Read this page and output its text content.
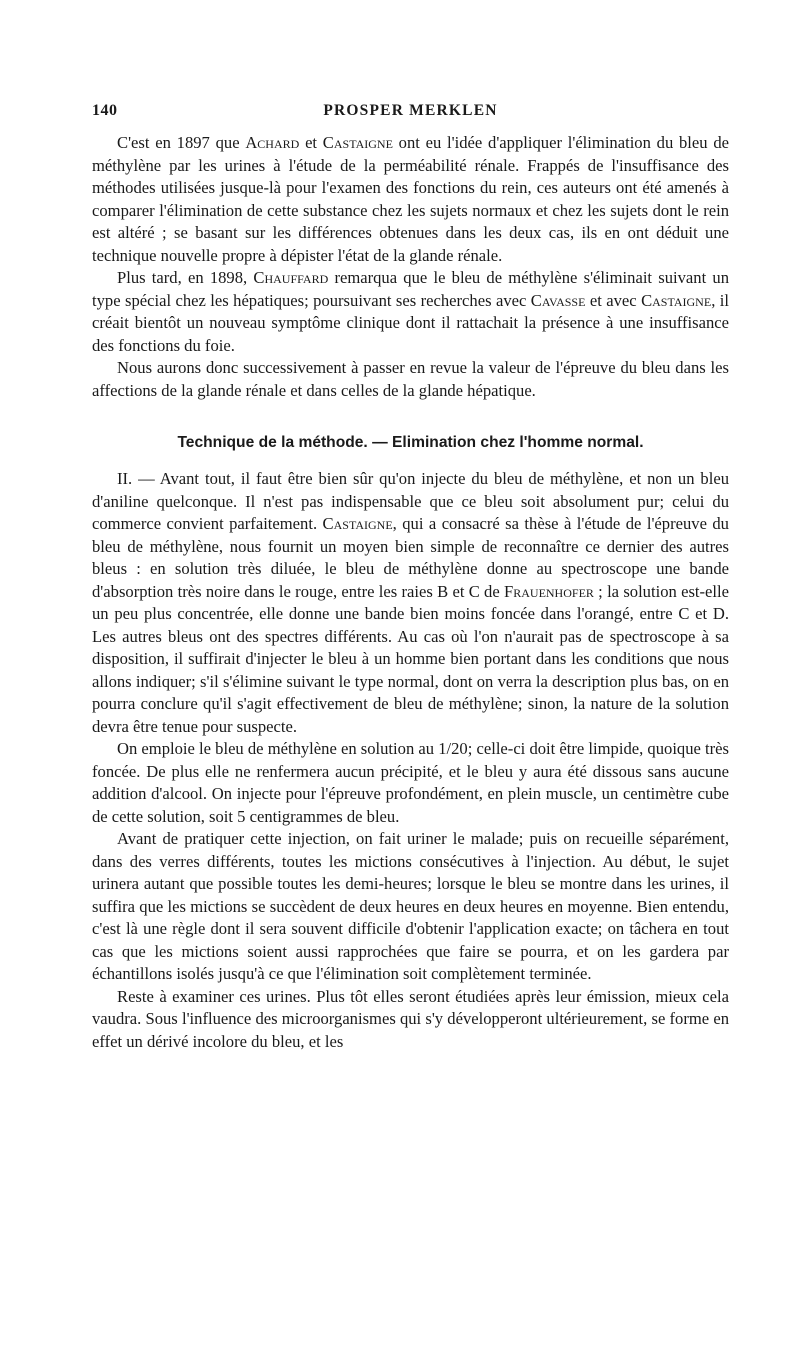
140	PROSPER MERKLEN

C'est en 1897 que Achard et Castaigne ont eu l'idée d'appliquer l'élimination du bleu de méthylène par les urines à l'étude de la perméabilité rénale. Frappés de l'insuffisance des méthodes utilisées jusque-là pour l'examen des fonctions du rein, ces auteurs ont été amenés à comparer l'élimination de cette substance chez les sujets normaux et chez les sujets dont le rein est altéré ; se basant sur les différences obtenues dans les deux cas, ils en ont déduit une technique nouvelle propre à dépister l'état de la glande rénale.

Plus tard, en 1898, Chauffard remarqua que le bleu de méthylène s'éliminait suivant un type spécial chez les hépatiques; poursuivant ses recherches avec Cavasse et avec Castaigne, il créait bientôt un nouveau symptôme clinique dont il rattachait la présence à une insuffisance des fonctions du foie.

Nous aurons donc successivement à passer en revue la valeur de l'épreuve du bleu dans les affections de la glande rénale et dans celles de la glande hépatique.

Technique de la méthode. — Elimination chez l'homme normal.

II. — Avant tout, il faut être bien sûr qu'on injecte du bleu de méthylène, et non un bleu d'aniline quelconque. Il n'est pas indispensable que ce bleu soit absolument pur; celui du commerce convient parfaitement. Castaigne, qui a consacré sa thèse à l'étude de l'épreuve du bleu de méthylène, nous fournit un moyen bien simple de reconnaître ce dernier des autres bleus : en solution très diluée, le bleu de méthylène donne au spectroscope une bande d'absorption très noire dans le rouge, entre les raies B et C de Frauenhofer ; la solution est-elle un peu plus concentrée, elle donne une bande bien moins foncée dans l'orangé, entre C et D. Les autres bleus ont des spectres différents. Au cas où l'on n'aurait pas de spectroscope à sa disposition, il suffirait d'injecter le bleu à un homme bien portant dans les conditions que nous allons indiquer; s'il s'élimine suivant le type normal, dont on verra la description plus bas, on en pourra conclure qu'il s'agit effectivement de bleu de méthylène; sinon, la nature de la solution devra être tenue pour suspecte.

On emploie le bleu de méthylène en solution au 1/20; celle-ci doit être limpide, quoique très foncée. De plus elle ne renfermera aucun précipité, et le bleu y aura été dissous sans aucune addition d'alcool. On injecte pour l'épreuve profondément, en plein muscle, un centimètre cube de cette solution, soit 5 centigrammes de bleu.

Avant de pratiquer cette injection, on fait uriner le malade; puis on recueille séparément, dans des verres différents, toutes les mictions consécutives à l'injection. Au début, le sujet urinera autant que possible toutes les demi-heures; lorsque le bleu se montre dans les urines, il suffira que les mictions se succèdent de deux heures en deux heures en moyenne. Bien entendu, c'est là une règle dont il sera souvent difficile d'obtenir l'application exacte; on tâchera en tout cas que les mictions soient aussi rapprochées que faire se pourra, et on les gardera par échantillons isolés jusqu'à ce que l'élimination soit complètement terminée.

Reste à examiner ces urines. Plus tôt elles seront étudiées après leur émission, mieux cela vaudra. Sous l'influence des microorganismes qui s'y développeront ultérieurement, se forme en effet un dérivé incolore du bleu, et les
